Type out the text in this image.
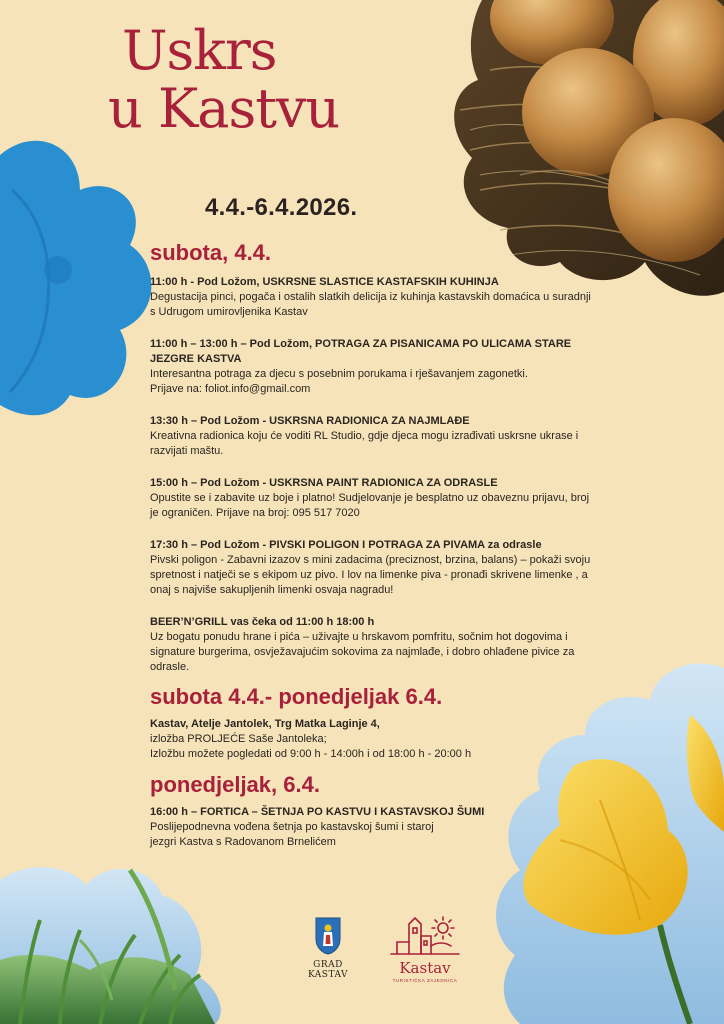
Uskrs
u Kastvu
4.4.-6.4.2026.
subota, 4.4.
11:00 h - Pod Ložom, USKRSNE SLASTICE KASTAFSKIH KUHINJA
Degustacija pinci, pogača i ostalih slatkih delicija iz kuhinja kastavskih domaćica u suradnji
s Udrugom umirovljenika Kastav
11:00 h – 13:00 h – Pod Ložom, POTRAGA ZA PISANICAMA PO ULICAMA STARE
JEZGRE KASTVA
Interesantna potraga za djecu s posebnim porukama i rješavanjem zagonetki.
Prijave na: foliot.info@gmail.com
13:30 h – Pod Ložom - USKRSNA RADIONICA ZA NAJMLAĐE
Kreativna radionica koju će voditi RL Studio, gdje djeca mogu izrađivati uskrsne ukrase i
razvijati maštu.
15:00 h – Pod Ložom - USKRSNA PAINT RADIONICA ZA ODRASLE
Opustite se i zabavite uz boje i platno! Sudjelovanje je besplatno uz obaveznu prijavu, broj
je ograničen. Prijave na broj: 095 517 7020
17:30 h – Pod Ložom - PIVSKI POLIGON I POTRAGA ZA PIVAMA za odrasle
Pivski poligon - Zabavni izazov s mini zadacima (preciznost, brzina, balans) – pokaži svoju
spretnost i natječi se s ekipom uz pivo. I lov na limenke piva - pronađi skrivene limenke , a
onaj s najviše sakupljenih limenki osvaja nagradu!
BEER’N’GRILL vas čeka od 11:00 h 18:00 h
Uz bogatu ponudu hrane i pića – uživajte u hrskavom pomfritu, sočnim hot dogovima i
signature burgerima, osvježavajućim sokovima za najmlađe, i dobro ohlađene pivice za
odrasle.
subota 4.4.- ponedjeljak 6.4.
Kastav, Atelje Jantolek, Trg Matka Laginje 4,
izložba PROLJEĆE Saše Jantoleka;
Izložbu možete pogledati od 9:00 h - 14:00h i od 18:00 h - 20:00 h
ponedjeljak, 6.4.
16:00 h – FORTICA – ŠETNJA PO KASTVU I KASTAVSKOJ ŠUMI
Poslijepodnevna vođena šetnja po kastavskoj šumi i staroj
jezgri Kastva s Radovanom Brnelićem
GRAD
KASTAV	Kastav
TURISTIČKA ZAJEDNICA
